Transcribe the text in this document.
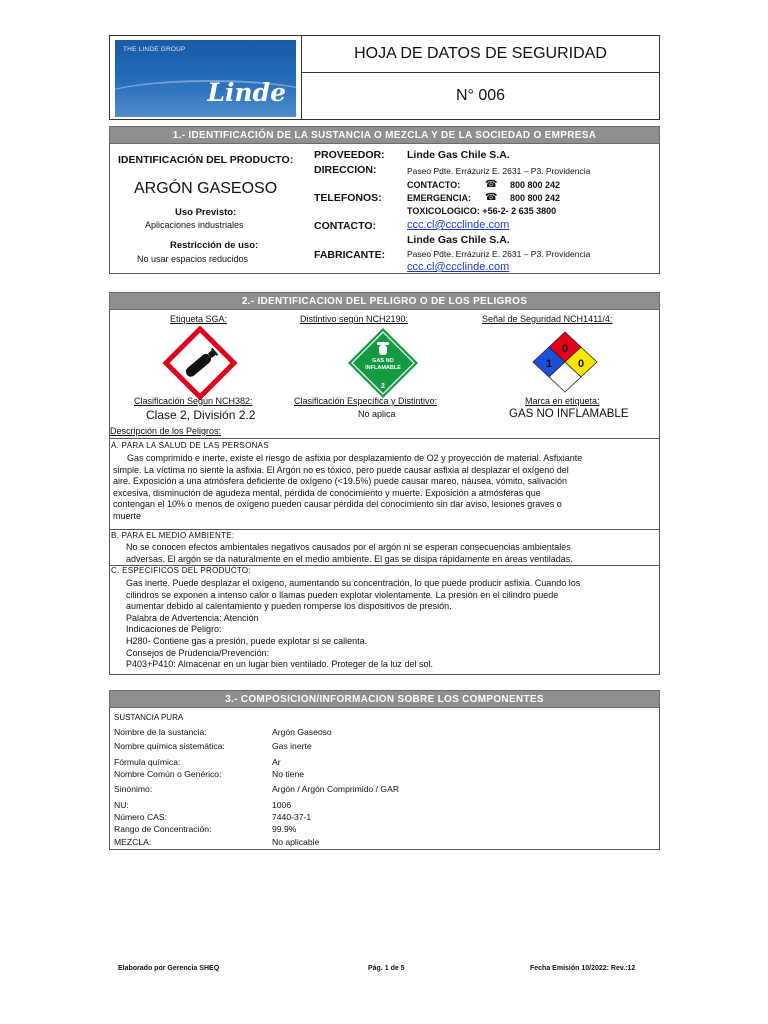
THE LINDE GROUP
Linde
HOJA DE DATOS DE SEGURIDAD
N° 006
1.- IDENTIFICACIÓN DE LA SUSTANCIA O MEZCLA Y DE LA SOCIEDAD O EMPRESA
IDENTIFICACIÓN DEL PRODUCTO:
ARGÓN GASEOSO
Uso Previsto:
Aplicaciones industriales
Restricción de uso:
No usar espacios reducidos
PROVEEDOR: Linde Gas Chile S.A.
DIRECCION:	Paseo Pdte. Errázuriz E. 2631 – P3. Providencia
TELEFONOS:
CONTACTO: ☎ 800 800 242
EMERGENCIA: ☎ 800 800 242
TOXICOLOGICO: +56-2- 2 635 3800
CONTACTO:	ccc.cl@ccclinde.com
Linde Gas Chile S.A.
FABRICANTE:	Paseo Pdte. Errázuriz E. 2631 – P3. Providencia
ccc.cl@ccclinde.com
2.- IDENTIFICACION DEL PELIGRO O DE LOS PELIGROS
Etiqueta SGA:	Distintivo según NCH2190:	Señal de Seguridad NCH1411/4:
GAS NO
INFLAMABLE
2
0
1 0
Clasificación Según NCH382:
Clase 2, División 2.2
Clasificación Específica y Distintivo:
No aplica
Marca en etiqueta:
GAS NO INFLAMABLE
Descripción de los Peligros:
A. PARA LA SALUD DE LAS PERSONAS
Gas comprimido e inerte, existe el riesgo de asfixia por desplazamiento de O2 y proyección de material. Asfixiante
simple. La víctima no siente la asfixia. El Argón no es tóxico, pero puede causar asfixia al desplazar el oxígeno del
aire. Exposición a una atmósfera deficiente de oxígeno (<19.5%) puede causar mareo, náusea, vómito, salivación
excesiva, disminución de agudeza mental, pérdida de conocimiento y muerte. Exposición a atmósferas que
contengan el 10% o menos de oxígeno pueden causar pérdida del conocimiento sin dar aviso, lesiones graves o
muerte
B. PARA EL MEDIO AMBIENTE:
No se conocen efectos ambientales negativos causados por el argón ni se esperan consecuencias ambientales
adversas. El argón se da naturalmente en el medio ambiente. El gas se disipa rápidamente en áreas ventiladas.
C. ESPECIFICOS DEL PRODUCTO:
Gas inerte. Puede desplazar el oxígeno, aumentando su concentración, lo que puede producir asfixia. Cuando los
cilindros se exponen a intenso calor o llamas pueden explotar violentamente. La presión en el cilindro puede
aumentar debido al calentamiento y pueden romperse los dispositivos de presión.
Palabra de Advertencia: Atención
Indicaciones de Peligro:
H280- Contiene gas a presión, puede explotar si se calienta.
Consejos de Prudencia/Prevención:
P403+P410: Almacenar en un lugar bien ventilado. Proteger de la luz del sol.
3.- COMPOSICION/INFORMACION SOBRE LOS COMPONENTES
SUSTANCIA PURA
Nombre de la sustancia:	Argón Gaseoso
Nombre química sistemática:	Gas inerte
Fórmula química:	Ar
Nombre Común o Genérico:	No tiene
Sinónimo:	Argón / Argón Comprimido / GAR
NU:	1006
Número CAS:	7440-37-1
Rango de Concentración:	99.9%
MEZCLA:	No aplicable
Elaborado por Gerencia SHEQ	Pág. 1 de 5	Fecha Emisión 10/2022: Rev.:12
